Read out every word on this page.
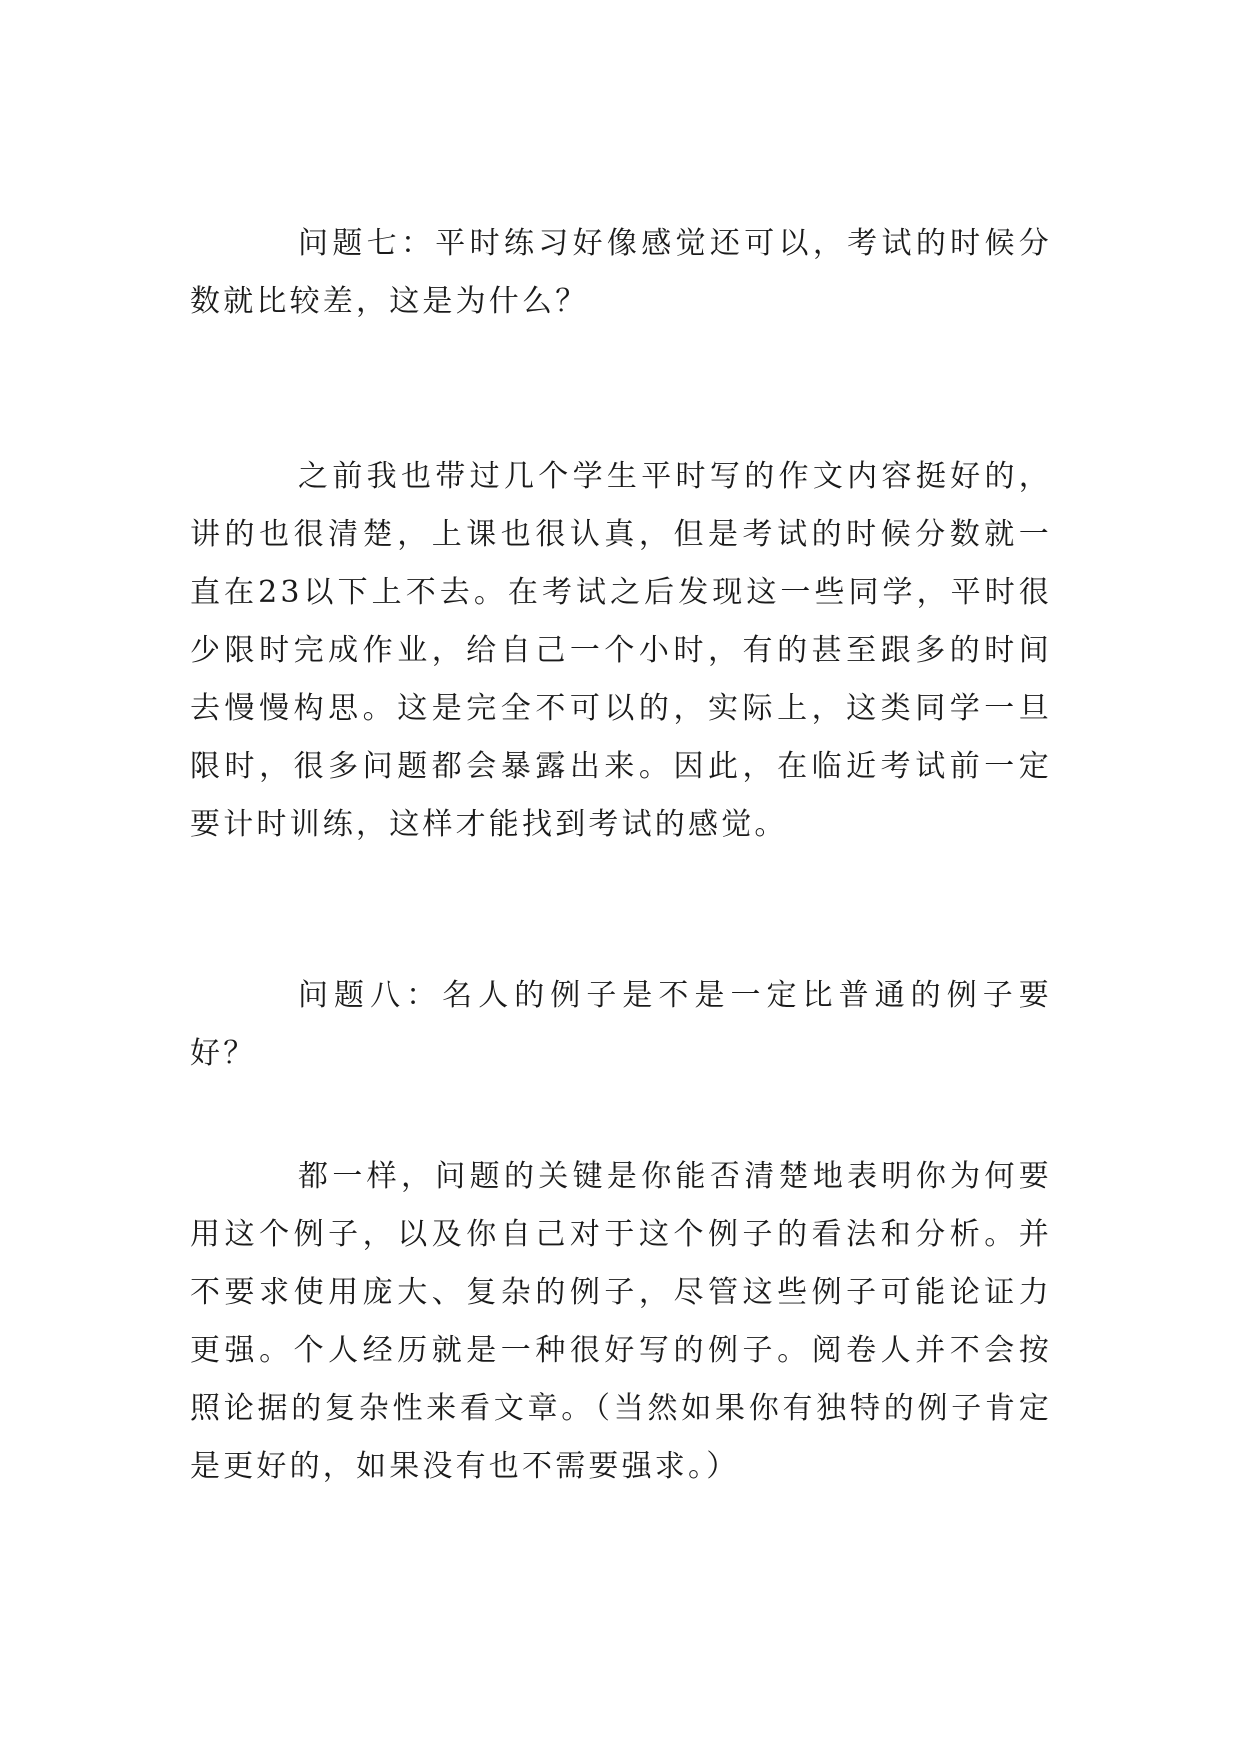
问题七：平时练习好像感觉还可以，考试的时候分数就比较差，这是为什么？

之前我也带过几个学生平时写的作文内容挺好的，讲的也很清楚，上课也很认真，但是考试的时候分数就一直在23以下上不去。在考试之后发现这一些同学，平时很少限时完成作业，给自己一个小时，有的甚至跟多的时间去慢慢构思。这是完全不可以的，实际上，这类同学一旦限时，很多问题都会暴露出来。因此，在临近考试前一定要计时训练，这样才能找到考试的感觉。

问题八：名人的例子是不是一定比普通的例子要好？

都一样，问题的关键是你能否清楚地表明你为何要用这个例子，以及你自己对于这个例子的看法和分析。并不要求使用庞大、复杂的例子，尽管这些例子可能论证力更强。个人经历就是一种很好写的例子。阅卷人并不会按照论据的复杂性来看文章。（当然如果你有独特的例子肯定是更好的，如果没有也不需要强求。）
